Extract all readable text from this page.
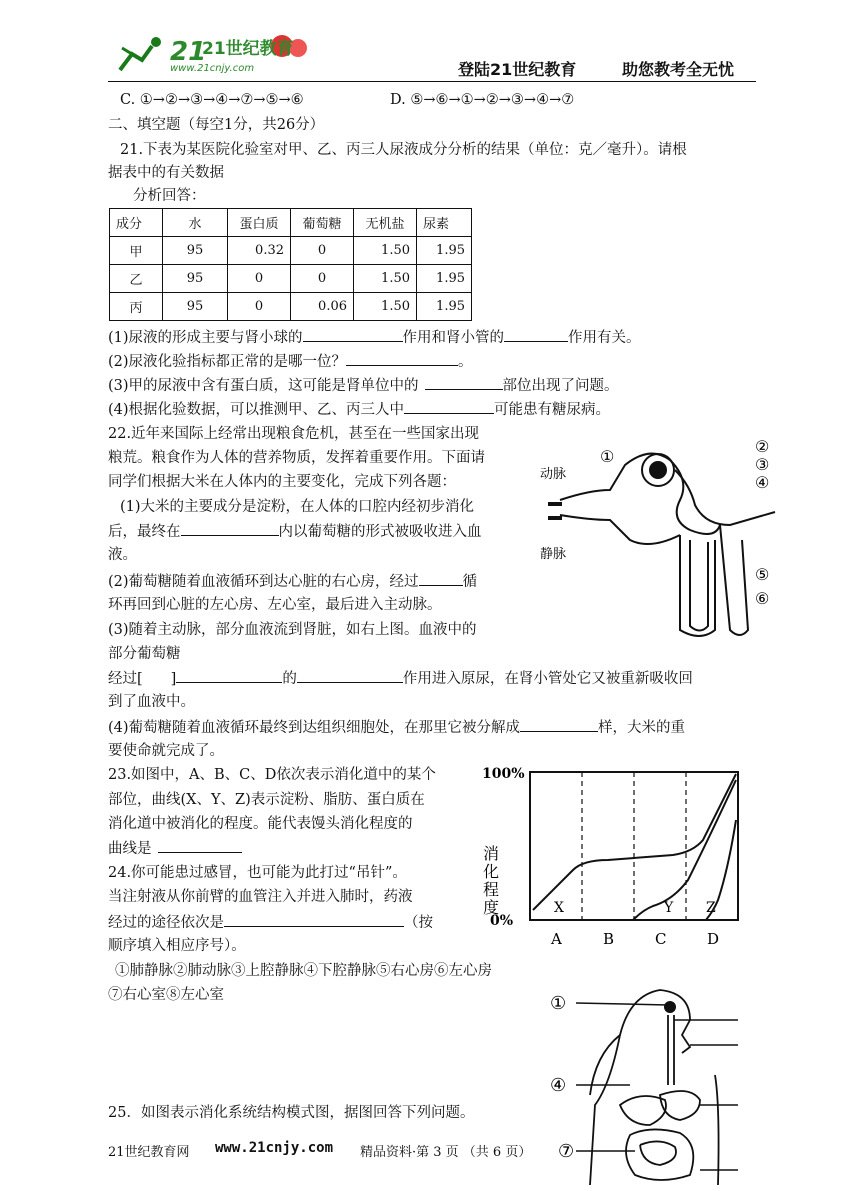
21
21世纪教育
www.21cnjy.com	登陆21世纪教育	助您教考全无忧
C. ①→②→③→④→⑦→⑤→⑥	D. ⑤→⑥→①→②→③→④→⑦
二、填空题（每空1分，共26分）
21.下表为某医院化验室对甲、乙、丙三人尿液成分分析的结果（单位：克／毫升）。请根
据表中的有关数据
分析回答：
成分	水	蛋白质	葡萄糖	无机盐	尿素
甲	95	0.32	0	1.50	1.95
乙	95	0	0	1.50	1.95
丙	95	0	0.06	1.50	1.95
(1)尿液的形成主要与肾小球的	作用和肾小管的	作用有关。
(2)尿液化验指标都正常的是哪一位？	。
(3)甲的尿液中含有蛋白质，这可能是肾单位中的	部位出现了问题。
(4)根据化验数据，可以推测甲、乙、丙三人中	可能患有糖尿病。
22.近年来国际上经常出现粮食危机，甚至在一些国家出现
粮荒。粮食作为人体的营养物质，发挥着重要作用。下面请
同学们根据大米在人体内的主要变化，完成下列各题：
(1)大米的主要成分是淀粉，在人体的口腔内经初步消化
后，最终在	内以葡萄糖的形式被吸收进入血
液。
(2)葡萄糖随着血液循环到达心脏的右心房，经过	循
环再回到心脏的左心房、左心室，最后进入主动脉。
(3)随着主动脉，部分血液流到肾脏，如右上图。血液中的
部分葡萄糖
经过[ ]	的	作用进入原尿，在肾小管处它又被重新吸收回
到了血液中。
(4)葡萄糖随着血液循环最终到达组织细胞处，在那里它被分解成	样，大米的重
要使命就完成了。
动脉
静脉
①
②
③
④
⑤
⑥
23.如图中，A、B、C、D依次表示消化道中的某个
部位，曲线(X、Y、Z)表示淀粉、脂肪、蛋白质在
消化道中被消化的程度。能代表馒头消化程度的
曲线是
100%
0%
消化程度
A	B	C	D
X	Y Z
24.你可能患过感冒，也可能为此打过“吊针”。
当注射液从你前臂的血管注入并进入肺时，药液
经过的途径依次是	（按
顺序填入相应序号）。
①肺静脉②肺动脉③上腔静脉④下腔静脉⑤右心房⑥左心房
⑦右心室⑧左心室	①
④
⑦
25．如图表示消化系统结构模式图，据图回答下列问题。
21世纪教育网 www.21cnjy.com 精品资料·第 3 页 （共 6 页）
